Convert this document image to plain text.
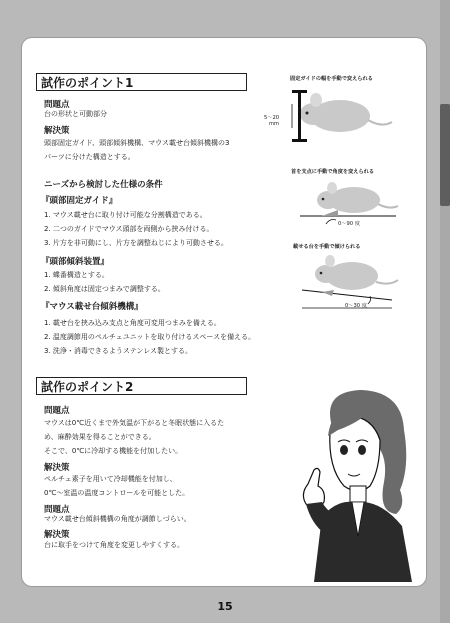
試作のポイント1
問題点
台の形状と可動部分
解決策
頭部固定ガイド、頭部傾斜機構、マウス載せ台傾斜機構の3
パーツに分けた構造とする。
ニーズから検討した仕様の条件
『頭部固定ガイド』
1. マウス載せ台に取り付け可能な分割構造である。
2. 二つのガイドでマウス頭部を両側から挟み付ける。
3. 片方を非可動にし、片方を調整ねじにより可動させる。
『頭部傾斜装置』
1. 蝶番構造とする。
2. 傾斜角度は固定つまみで調整する。
『マウス載せ台傾斜機構』
1. 載せ台を挟み込み支点と角度可変用つまみを備える。
2. 温度調節用のペルチェユニットを取り付けるスペースを備える。
3. 洗浄・消毒できるようステンレス製とする。
試作のポイント2
問題点
マウスは0℃近くまで外気温が下がると冬眠状態に入るた
め、麻酔効果を得ることができる。
そこで、0℃に冷却する機能を付加したい。
解決策
ペルチェ素子を用いて冷却機能を付加し、
0℃〜室温の温度コントロールを可能とした。
問題点
マウス載せ台傾斜機構の角度が調節しづらい。
解決策
台に取手をつけて角度を変更しやすくする。
固定ガイドの幅を手動で変えられる
5〜20
mm
首を支点に手動で角度を変えられる
0〜90 度
載せる台を手動で傾けられる
0〜30 度
15
